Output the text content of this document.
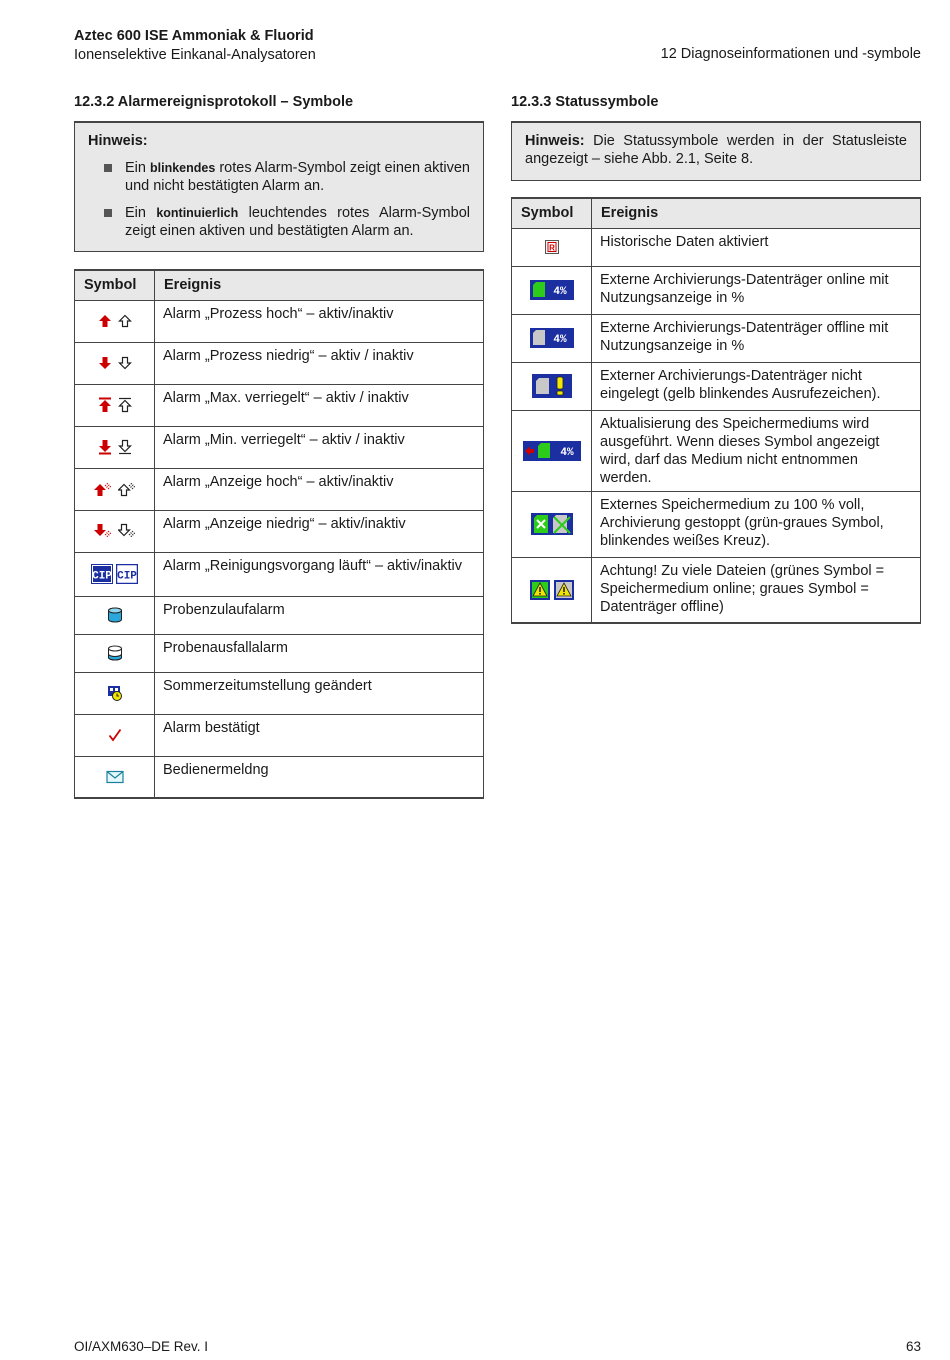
Aztec 600 ISE Ammoniak & Fluorid
Ionenselektive Einkanal-Analysatoren	12 Diagnoseinformationen und -symbole
12.3.2 Alarmereignisprotokoll – Symbole
Hinweis:
Ein blinkendes rotes Alarm-Symbol zeigt einen aktiven und nicht bestätigten Alarm an.
Ein kontinuierlich leuchtendes rotes Alarm-Symbol zeigt einen aktiven und bestätigten Alarm an.
Symbol	Ereignis

	Alarm „Prozess hoch“ – aktiv/inaktiv

	Alarm „Prozess niedrig“ – aktiv / inaktiv

	Alarm „Max. verriegelt“ – aktiv / inaktiv

	Alarm „Min. verriegelt“ – aktiv / inaktiv

	Alarm „Anzeige hoch“ – aktiv/inaktiv

	Alarm „Anzeige niedrig“ – aktiv/inaktiv

CIP CIP	Alarm „Reinigungsvorgang läuft“ – aktiv/inaktiv

	Probenzulaufalarm

	Probenausfallalarm

	Sommerzeitumstellung geändert

	Alarm bestätigt

	Bedienermeldng
12.3.3 Statussymbole
Hinweis: Die Statussymbole werden in der Statusleiste angezeigt – siehe Abb. 2.1, Seite 8.
Symbol	Ereignis

R	Historische Daten aktiviert

4%	Externe Archivierungs-Datenträger online mit Nutzungsanzeige in %

4%	Externe Archivierungs-Datenträger offline mit Nutzungsanzeige in %

	Externer Archivierungs-Datenträger nicht eingelegt (gelb blinkendes Ausrufezeichen).

4%	Aktualisierung des Speichermediums wird ausgeführt. Wenn dieses Symbol angezeigt wird, darf das Medium nicht entnommen werden.

	Externes Speichermedium zu 100 % voll, Archivierung gestoppt (grün-graues Symbol, blinkendes weißes Kreuz).

	Achtung! Zu viele Dateien (grünes Symbol = Speichermedium online; graues Symbol = Datenträger offline)
OI/AXM630–DE Rev. I	63
